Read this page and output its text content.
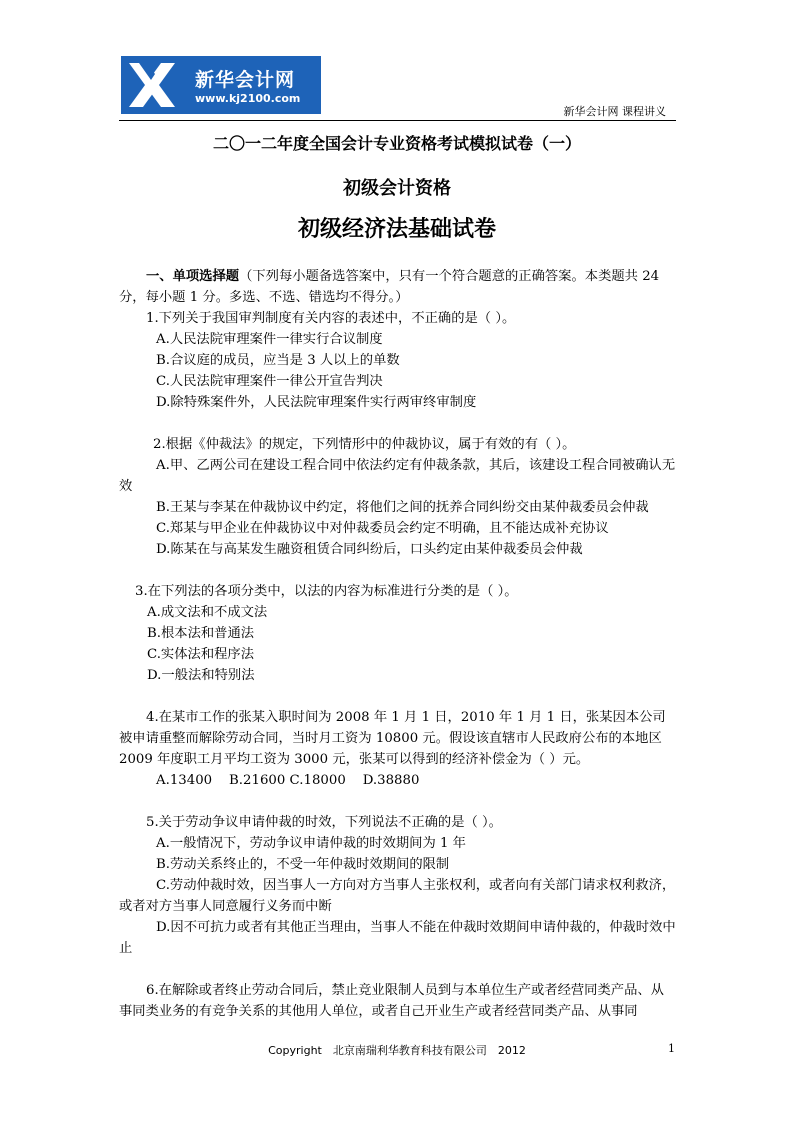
新华会计网
www.kj2100.com
新华会计网 课程讲义
二〇一二年度全国会计专业资格考试模拟试卷（一）
初级会计资格
初级经济法基础试卷

一、单项选择题（下列每小题备选答案中，只有一个符合题意的正确答案。本类题共 24 分，每小题 1 分。多选、不选、错选均不得分。）

1.下列关于我国审判制度有关内容的表述中，不正确的是（ ）。

A.人民法院审理案件一律实行合议制度

B.合议庭的成员，应当是 3 人以上的单数

C.人民法院审理案件一律公开宣告判决

D.除特殊案件外，人民法院审理案件实行两审终审制度

2.根据《仲裁法》的规定，下列情形中的仲裁协议，属于有效的有（ ）。

A.甲、乙两公司在建设工程合同中依法约定有仲裁条款，其后，该建设工程合同被确认无效

B.王某与李某在仲裁协议中约定，将他们之间的抚养合同纠纷交由某仲裁委员会仲裁

C.郑某与甲企业在仲裁协议中对仲裁委员会约定不明确，且不能达成补充协议

D.陈某在与高某发生融资租赁合同纠纷后，口头约定由某仲裁委员会仲裁

3.在下列法的各项分类中，以法的内容为标准进行分类的是（ ）。

A.成文法和不成文法

B.根本法和普通法

C.实体法和程序法

D.一般法和特别法

4.在某市工作的张某入职时间为 2008 年 1 月 1 日，2010 年 1 月 1 日，张某因本公司被申请重整而解除劳动合同，当时月工资为 10800 元。假设该直辖市人民政府公布的本地区 2009 年度职工月平均工资为 3000 元，张某可以得到的经济补偿金为（ ）元。

A.13400    B.21600 C.18000    D.38880

5.关于劳动争议申请仲裁的时效，下列说法不正确的是（ ）。

A.一般情况下，劳动争议申请仲裁的时效期间为 1 年

B.劳动关系终止的，不受一年仲裁时效期间的限制

C.劳动仲裁时效，因当事人一方向对方当事人主张权利，或者向有关部门请求权利救济，或者对方当事人同意履行义务而中断

D.因不可抗力或者有其他正当理由，当事人不能在仲裁时效期间申请仲裁的，仲裁时效中止

6.在解除或者终止劳动合同后，禁止竞业限制人员到与本单位生产或者经营同类产品、从事同类业务的有竞争关系的其他用人单位，或者自己开业生产或者经营同类产品、从事同

Copyright　北京南瑞利华教育科技有限公司　2012	1
